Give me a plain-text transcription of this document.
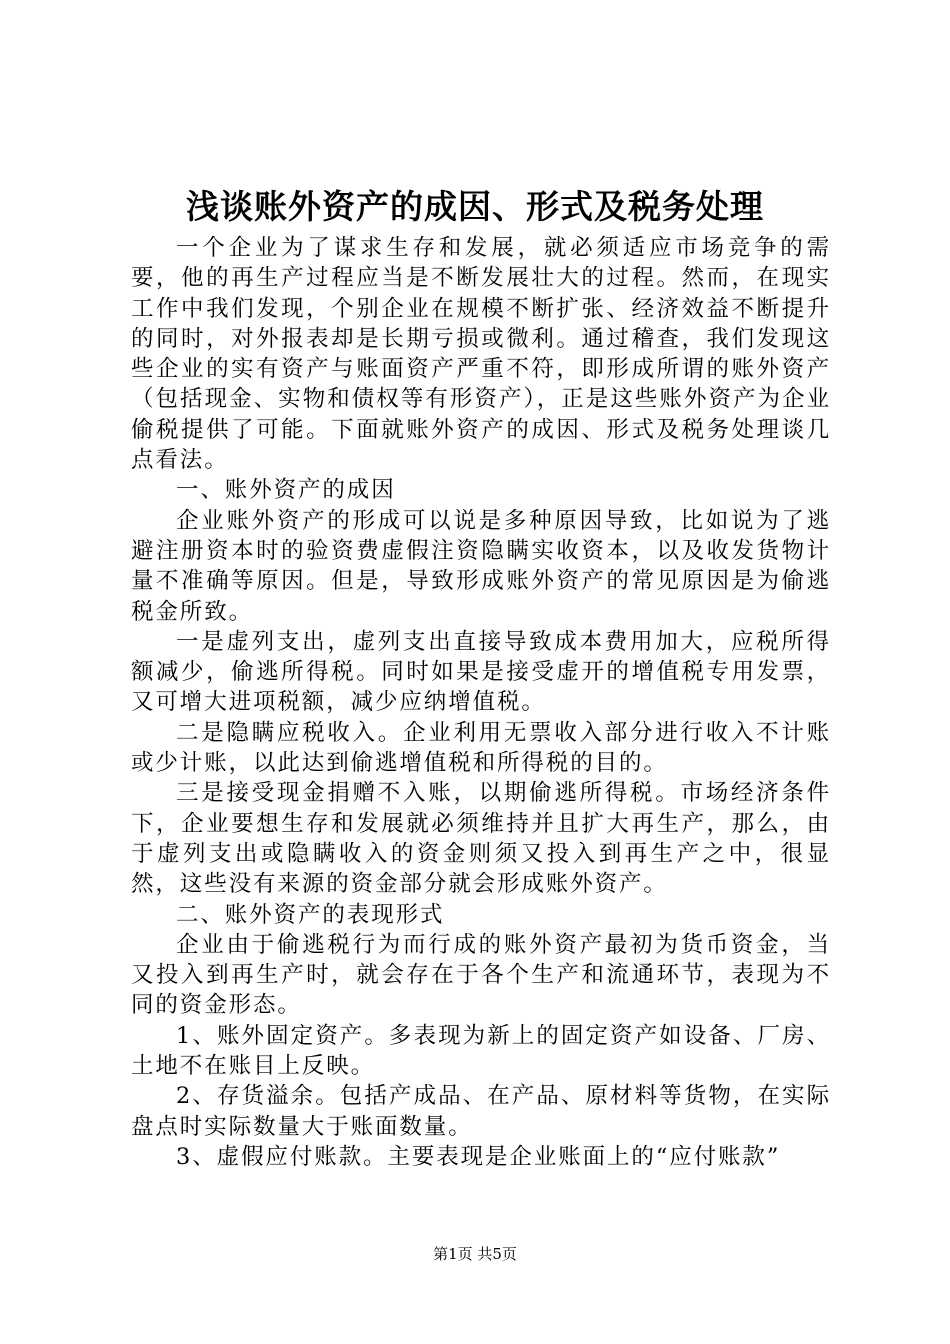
浅谈账外资产的成因、形式及税务处理

一个企业为了谋求生存和发展，就必须适应市场竞争的需要，他的再生产过程应当是不断发展壮大的过程。然而，在现实工作中我们发现，个别企业在规模不断扩张、经济效益不断提升的同时，对外报表却是长期亏损或微利。通过稽查，我们发现这些企业的实有资产与账面资产严重不符，即形成所谓的账外资产（包括现金、实物和债权等有形资产），正是这些账外资产为企业偷税提供了可能。下面就账外资产的成因、形式及税务处理谈几点看法。

一、账外资产的成因

企业账外资产的形成可以说是多种原因导致，比如说为了逃避注册资本时的验资费虚假注资隐瞒实收资本，以及收发货物计量不准确等原因。但是，导致形成账外资产的常见原因是为偷逃税金所致。

一是虚列支出，虚列支出直接导致成本费用加大，应税所得额减少，偷逃所得税。同时如果是接受虚开的增值税专用发票，又可增大进项税额，减少应纳增值税。

二是隐瞒应税收入。企业利用无票收入部分进行收入不计账或少计账，以此达到偷逃增值税和所得税的目的。

三是接受现金捐赠不入账，以期偷逃所得税。市场经济条件下，企业要想生存和发展就必须维持并且扩大再生产，那么，由于虚列支出或隐瞒收入的资金则须又投入到再生产之中，很显然，这些没有来源的资金部分就会形成账外资产。

二、账外资产的表现形式

企业由于偷逃税行为而行成的账外资产最初为货币资金，当又投入到再生产时，就会存在于各个生产和流通环节，表现为不同的资金形态。

1、账外固定资产。多表现为新上的固定资产如设备、厂房、土地不在账目上反映。

2、存货溢余。包括产成品、在产品、原材料等货物，在实际盘点时实际数量大于账面数量。

3、虚假应付账款。主要表现是企业账面上的“应付账款”

第1页 共5页
